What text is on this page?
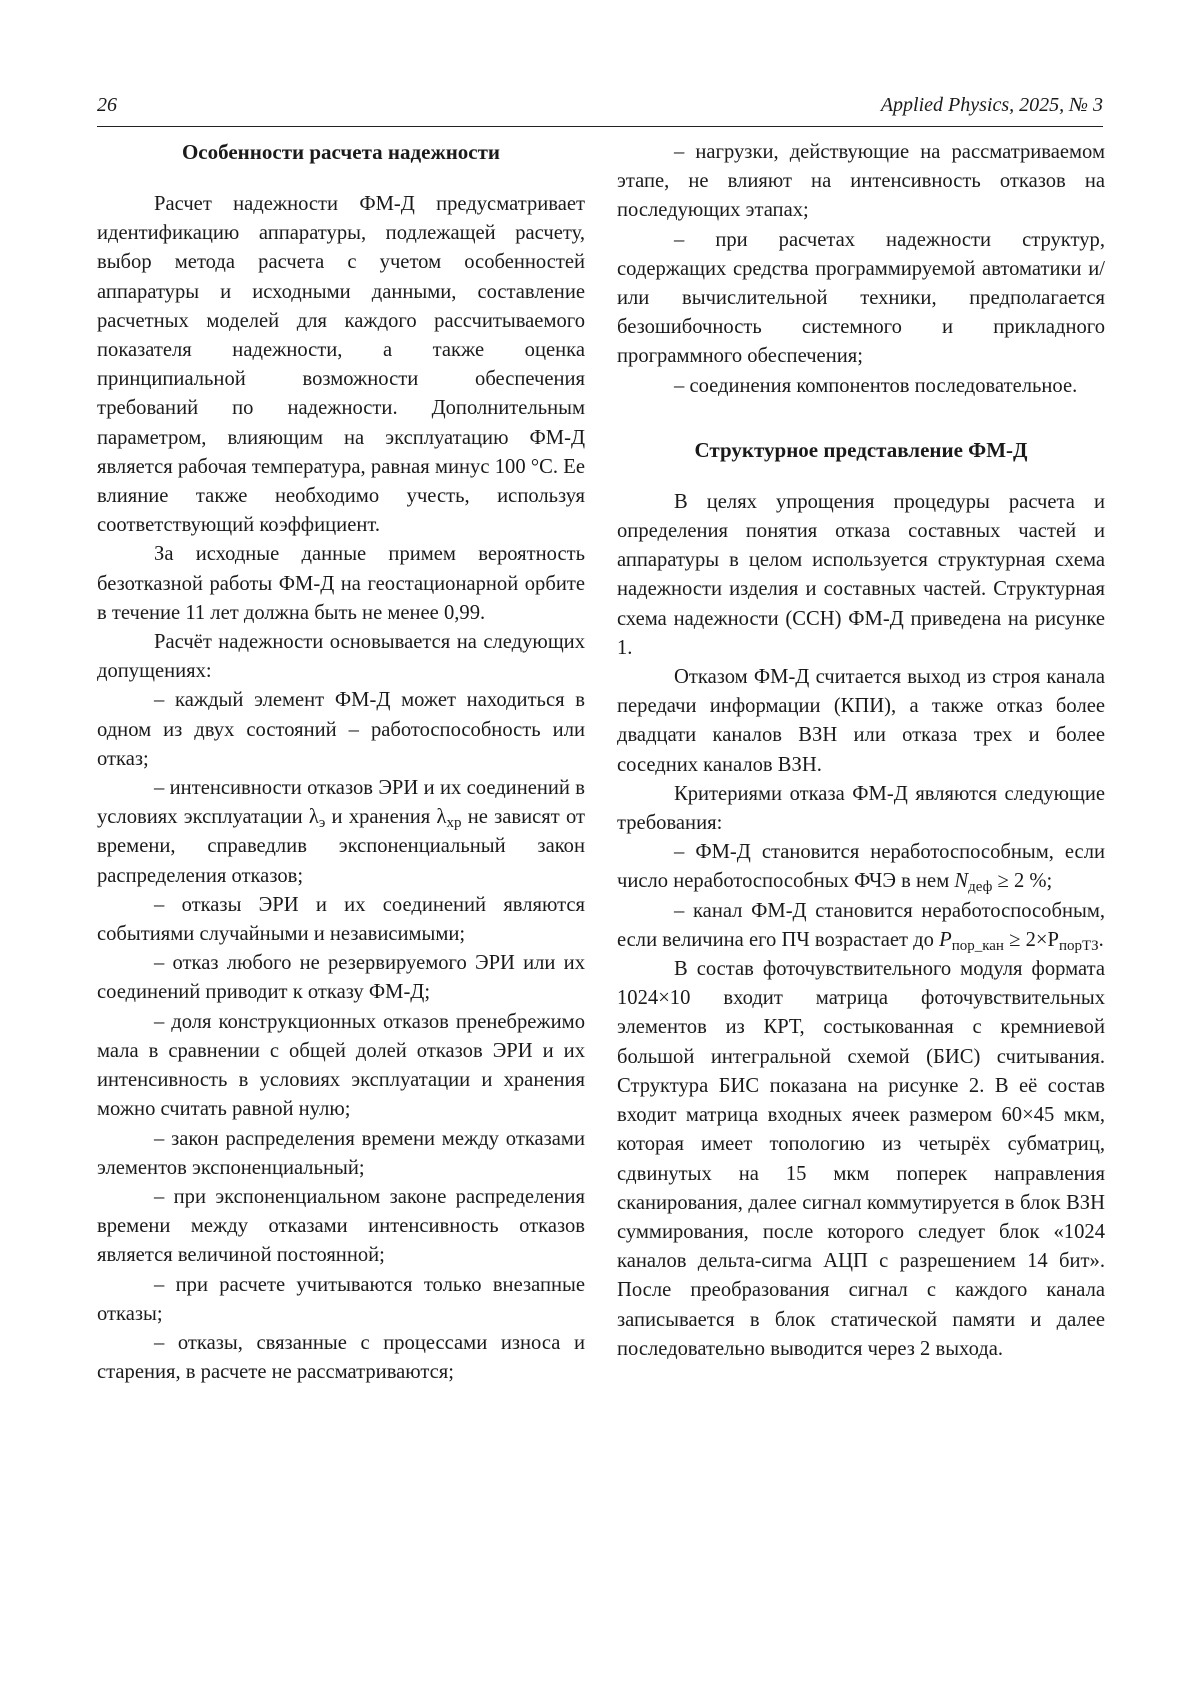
26	Applied Physics, 2025, № 3
Особенности расчета надежности

Расчет надежности ФМ-Д предусматривает идентификацию аппаратуры, подлежащей расчету, выбор метода расчета с учетом особенностей аппаратуры и исходными данными, составление расчетных моделей для каждого рассчитываемого показателя надежности, а также оценка принципиальной возможности обеспечения требований по надежности. Дополнительным параметром, влияющим на эксплуатацию ФМ-Д является рабочая температура, равная минус 100 °С. Ее влияние также необходимо учесть, используя соответствующий коэффициент.

За исходные данные примем вероятность безотказной работы ФМ-Д на геостационарной орбите в течение 11 лет должна быть не менее 0,99.

Расчёт надежности основывается на следующих допущениях:

– каждый элемент ФМ-Д может находиться в одном из двух состояний – работоспособность или отказ;

– интенсивности отказов ЭРИ и их соединений в условиях эксплуатации $\lambda_э$ и хранения $\lambda_{хр}$ не зависят от времени, справедлив экспоненциальный закон распределения отказов;

– отказы ЭРИ и их соединений являются событиями случайными и независимыми;

– отказ любого не резервируемого ЭРИ или их соединений приводит к отказу ФМ-Д;

– доля конструкционных отказов пренебрежимо мала в сравнении с общей долей отказов ЭРИ и их интенсивность в условиях эксплуатации и хранения можно считать равной нулю;

– закон распределения времени между отказами элементов экспоненциальный;

– при экспоненциальном законе распределения времени между отказами интенсивность отказов является величиной постоянной;

– при расчете учитываются только внезапные отказы;

– отказы, связанные с процессами износа и старения, в расчете не рассматриваются;

– нагрузки, действующие на рассматриваемом этапе, не влияют на интенсивность отказов на последующих этапах;

– при расчетах надежности структур, содержащих средства программируемой автоматики и/или вычислительной техники, предполагается безошибочность системного и прикладного программного обеспечения;

– соединения компонентов последовательное.

Структурное представление ФМ-Д

В целях упрощения процедуры расчета и определения понятия отказа составных частей и аппаратуры в целом используется структурная схема надежности изделия и составных частей. Структурная схема надежности (ССН) ФМ-Д приведена на рисунке 1.

Отказом ФМ-Д считается выход из строя канала передачи информации (КПИ), а также отказ более двадцати каналов ВЗН или отказа трех и более соседних каналов ВЗН.

Критериями отказа ФМ-Д являются следующие требования:

– ФМ-Д становится неработоспособным, если число неработоспособных ФЧЭ в нем $N_{деф} \ge 2$ %;

– канал ФМ-Д становится неработоспособным, если величина его ПЧ возрастает до $P_{пор\_кан} \ge 2\times P_{порТЗ}$.

В состав фоточувствительного модуля формата 1024×10 входит матрица фоточувствительных элементов из КРТ, состыкованная с кремниевой большой интегральной схемой (БИС) считывания. Структура БИС показана на рисунке 2. В её состав входит матрица входных ячеек размером 60×45 мкм, которая имеет топологию из четырёх субматриц, сдвинутых на 15 мкм поперек направления сканирования, далее сигнал коммутируется в блок ВЗН суммирования, после которого следует блок «1024 каналов дельта-сигма АЦП с разрешением 14 бит». После преобразования сигнал с каждого канала записывается в блок статической памяти и далее последовательно выводится через 2 выхода.
